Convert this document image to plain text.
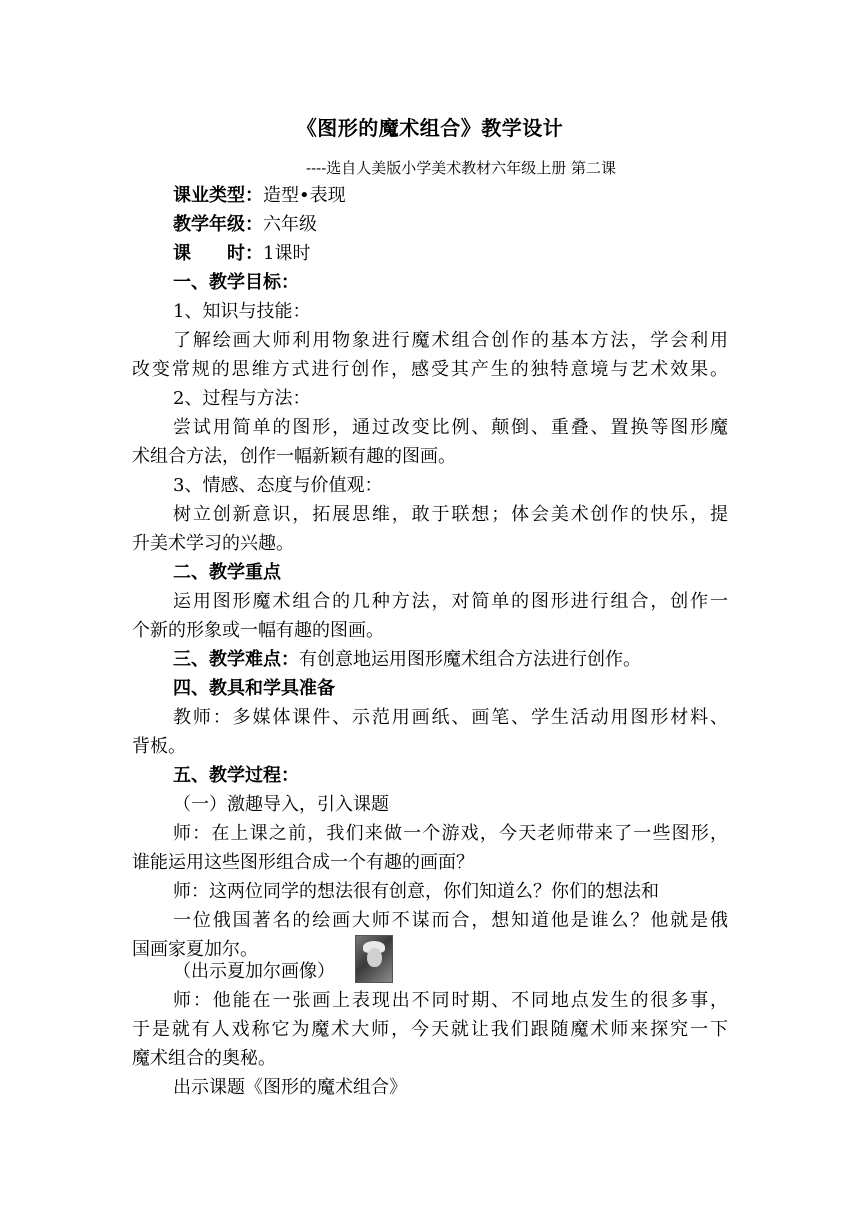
《图形的魔术组合》教学设计
----选自人美版小学美术教材六年级上册 第二课
课业类型：造型•表现
教学年级：六年级
课　　时：1课时
一、教学目标：
1、知识与技能：
了解绘画大师利用物象进行魔术组合创作的基本方法，学会利用
改变常规的思维方式进行创作，感受其产生的独特意境与艺术效果。
2、过程与方法：
尝试用简单的图形，通过改变比例、颠倒、重叠、置换等图形魔
术组合方法，创作一幅新颖有趣的图画。
3、情感、态度与价值观：
树立创新意识，拓展思维，敢于联想；体会美术创作的快乐，提
升美术学习的兴趣。
二、教学重点
运用图形魔术组合的几种方法，对简单的图形进行组合，创作一
个新的形象或一幅有趣的图画。
三、教学难点：有创意地运用图形魔术组合方法进行创作。
四、教具和学具准备
教师：多媒体课件、示范用画纸、画笔、学生活动用图形材料、
背板。
五、教学过程：
（一）激趣导入，引入课题
师：在上课之前，我们来做一个游戏，今天老师带来了一些图形，
谁能运用这些图形组合成一个有趣的画面？
师：这两位同学的想法很有创意，你们知道么？你们的想法和
一位俄国著名的绘画大师不谋而合，想知道他是谁么？他就是俄
国画家夏加尔。
（出示夏加尔画像）
师：他能在一张画上表现出不同时期、不同地点发生的很多事，
于是就有人戏称它为魔术大师，今天就让我们跟随魔术师来探究一下
魔术组合的奥秘。
出示课题《图形的魔术组合》
